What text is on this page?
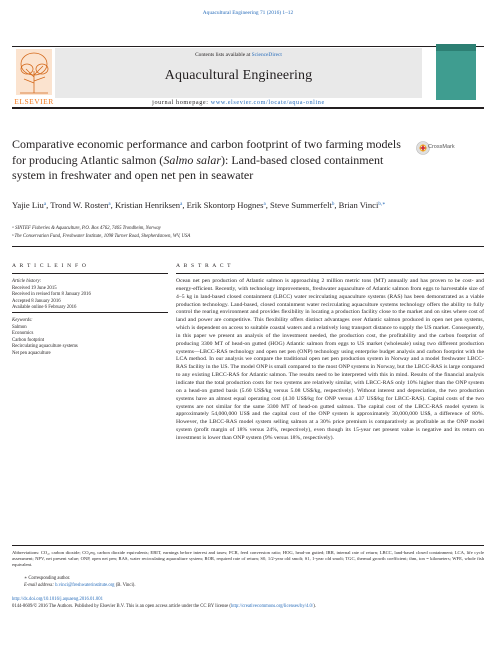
Aquacultural Engineering 71 (2016) 1–12
Contents lists available at ScienceDirect
Aquacultural Engineering
journal homepage: www.elsevier.com/locate/aqua-online
ELSEVIER
Comparative economic performance and carbon footprint of two farming models for producing Atlantic salmon (Salmo salar): Land-based closed containment system in freshwater and open net pen in seawater
CrossMark
Yajie Liu$^a$, Trond W. Rosten$^a$, Kristian Henriksen$^a$, Erik Skontorp Hognes$^a$, Steve Summerfelt$^b$, Brian Vinci$^{b,∗}$
ᵃ SINTEF Fisheries & Aquaculture, P.O. Box 4762, 7465 Trondheim, Norway
ᵇ The Conservation Fund, Freshwater Institute, 1098 Turner Road, Shepherdstown, WV, USA
A R T I C L E I N F O
Article history:
Received 19 June 2015
Received in revised form 8 January 2016
Accepted 8 January 2016
Available online 6 February 2016
Keywords:
Salmon
Economics
Carbon footprint
Recirculating aquaculture systems
Net pen aquaculture
A B S T R A C T
Ocean net pen production of Atlantic salmon is approaching 2 million metric tons (MT) annually and has proven to be cost- and energy-efficient. Recently, with technology improvements, freshwater aquaculture of Atlantic salmon from eggs to harvestable size of 4–5 kg in land-based closed containment (LBCC) water recirculating aquaculture systems (RAS) has been demonstrated as a viable production technology. Land-based, closed containment water recirculating aquaculture systems technology offers the ability to fully control the rearing environment and provides flexibility in locating a production facility close to the market and on sites where cost of land and power are competitive. This flexibility offers distinct advantages over Atlantic salmon produced in open net pen systems, which is dependent on access to suitable coastal waters and a relatively long transport distance to supply the US market. Consequently, in this paper we present an analysis of the investment needed, the production cost, the profitability and the carbon footprint of producing 3300 MT of head-on gutted (HOG) Atlantic salmon from eggs to US market (wholesale) using two different production systems—LBCC-RAS technology and open net pen (ONP) technology using enterprise budget analysis and carbon footprint with the LCA method. In our analysis we compare the traditional open net pen production system in Norway and a model freshwater LBCC-RAS facility in the US. The model ONP is small compared to the most ONP systems in Norway, but the LBCC-RAS is large compared to any existing LBCC-RAS for Atlantic salmon. The results need to be interpreted with this in mind. Results of the financial analysis indicate that the total production costs for two systems are relatively similar, with LBCC-RAS only 10% higher than the ONP system on a head-on gutted basis (5.60 US$/kg versus 5.08 US$/kg, respectively). Without interest and depreciation, the two production systems have an almost equal operating cost (4.30 US$/kg for ONP versus 4.37 US$/kg for LBCC-RAS). Capital costs of the two systems are not similar for the same 3300 MT of head-on gutted salmon. The capital cost of the LBCC-RAS model system is approximately 54,000,000 US$ and the capital cost of the ONP system is approximately 30,000,000 US$, a difference of 80%. However, the LBCC-RAS model system selling salmon at a 30% price premium is comparatively as profitable as the ONP model system (profit margin of 18% versus 24%, respectively), even though its 15-year net present value is negative and its return on investment is lower than ONP system (9% versus 18%, respectively).
Abbreviations: CO₂, carbon dioxide; CO₂eq, carbon dioxide equivalents; EBIT, earnings before interest and taxes; FCR, feed conversion ratio; HOG, head-on gutted; IRR, internal rate of return; LBCC, land-based closed containment; LCA, life cycle assessment; NPV, net present value; ONP, open net pen; RAS, water recirculating aquaculture system; ROR, required rate of return; S0, 1/2-year old smolt; S1, 1-year old smolt; TGC, thermal growth coefficient; thm, ton = kilometers; WFE, whole fish equivalent.
∗ Corresponding author.
E-mail address: b.vinci@freshwaterinstitute.org (B. Vinci).
http://dx.doi.org/10.1016/j.aquaeng.2016.01.001
0144-8609/© 2016 The Authors. Published by Elsevier B.V. This is an open access article under the CC BY license (http://creativecommons.org/licenses/by/4.0/).
